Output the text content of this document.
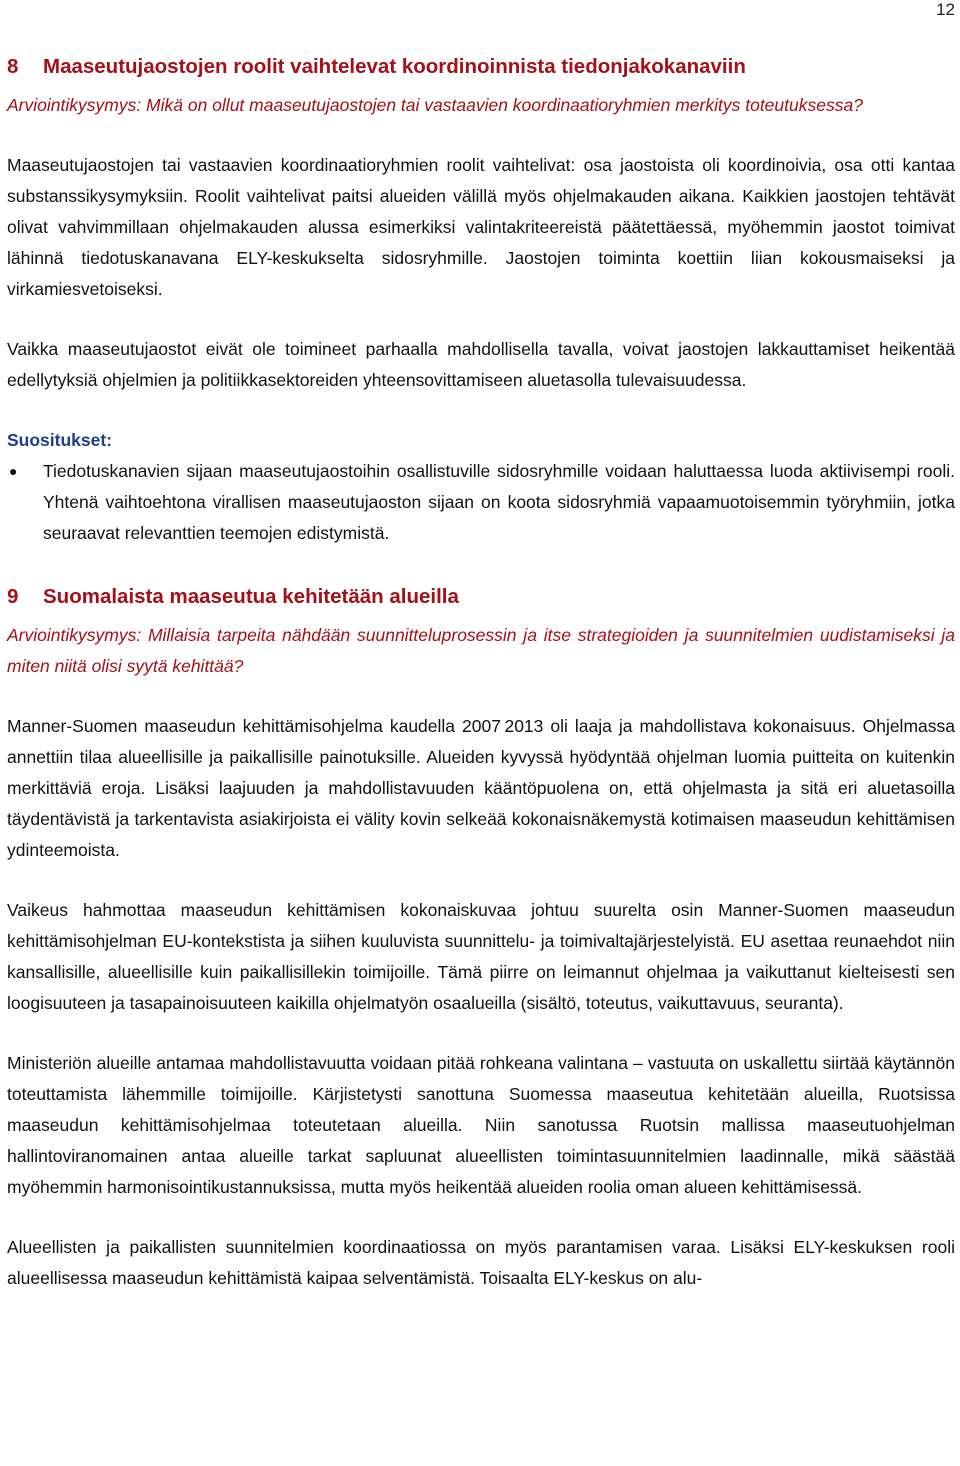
12
8	Maaseutujaostojen roolit vaihtelevat koordinoinnista tiedonjakokanaviin

Arviointikysymys: Mikä on ollut maaseutujaostojen tai vastaavien koordinaatioryhmien merkitys toteutuksessa?

Maaseutujaostojen tai vastaavien koordinaatioryhmien roolit vaihtelivat: osa jaostoista oli koordinoivia, osa otti kantaa substanssikysymyksiin. Roolit vaihtelivat paitsi alueiden välillä myös ohjelmakauden aikana. Kaikkien jaostojen tehtävät olivat vahvimmillaan ohjelmakauden alussa esimerkiksi valintakriteereistä päätettäessä, myöhemmin jaostot toimivat lähinnä tiedotuskanavana ELY-keskukselta sidosryhmille. Jaostojen toiminta koettiin liian kokousmaiseksi ja virkamiesvetoiseksi.

Vaikka maaseutujaostot eivät ole toimineet parhaalla mahdollisella tavalla, voivat jaostojen lakkauttamiset heikentää edellytyksiä ohjelmien ja politiikkasektoreiden yhteensovittamiseen aluetasolla tulevaisuudessa.

Suositukset:

● Tiedotuskanavien sijaan maaseutujaostoihin osallistuville sidosryhmille voidaan haluttaessa luoda aktiivisempi rooli. Yhtenä vaihtoehtona virallisen maaseutujaoston sijaan on koota sidosryhmiä vapaamuotoisemmin työryhmiin, jotka seuraavat relevanttien teemojen edistymistä.
9	Suomalaista maaseutua kehitetään alueilla

Arviointikysymys: Millaisia tarpeita nähdään suunnitteluprosessin ja itse strategioiden ja suunnitelmien uudistamiseksi ja miten niitä olisi syytä kehittää?

Manner-Suomen maaseudun kehittämisohjelma kaudella 2007 2013 oli laaja ja mahdollistava kokonaisuus. Ohjelmassa annettiin tilaa alueellisille ja paikallisille painotuksille. Alueiden kyvyssä hyödyntää ohjelman luomia puitteita on kuitenkin merkittäviä eroja. Lisäksi laajuuden ja mahdollistavuuden kääntöpuolena on, että ohjelmasta ja sitä eri aluetasoilla täydentävistä ja tarkentavista asiakirjoista ei välity kovin selkeää kokonaisnäkemystä kotimaisen maaseudun kehittämisen ydinteemoista.

Vaikeus hahmottaa maaseudun kehittämisen kokonaiskuvaa johtuu suurelta osin Manner-Suomen maaseudun kehittämisohjelman EU-kontekstista ja siihen kuuluvista suunnittelu- ja toimivaltajärjestelyistä. EU asettaa reunaehdot niin kansallisille, alueellisille kuin paikallisillekin toimijoille. Tämä piirre on leimannut ohjelmaa ja vaikuttanut kielteisesti sen loogisuuteen ja tasapainoisuuteen kaikilla ohjelmatyön osaalueilla (sisältö, toteutus, vaikuttavuus, seuranta).

Ministeriön alueille antamaa mahdollistavuutta voidaan pitää rohkeana valintana – vastuuta on uskallettu siirtää käytännön toteuttamista lähemmille toimijoille. Kärjistetysti sanottuna Suomessa maaseutua kehitetään alueilla, Ruotsissa maaseudun kehittämisohjelmaa toteutetaan alueilla. Niin sanotussa Ruotsin mallissa maaseutuohjelman hallintoviranomainen antaa alueille tarkat sapluunat alueellisten toimintasuunnitelmien laadinnalle, mikä säästää myöhemmin harmonisointikustannuksissa, mutta myös heikentää alueiden roolia oman alueen kehittämisessä.

Alueellisten ja paikallisten suunnitelmien koordinaatiossa on myös parantamisen varaa. Lisäksi ELY-keskuksen rooli alueellisessa maaseudun kehittämistä kaipaa selventämistä. Toisaalta ELY-keskus on alu-
